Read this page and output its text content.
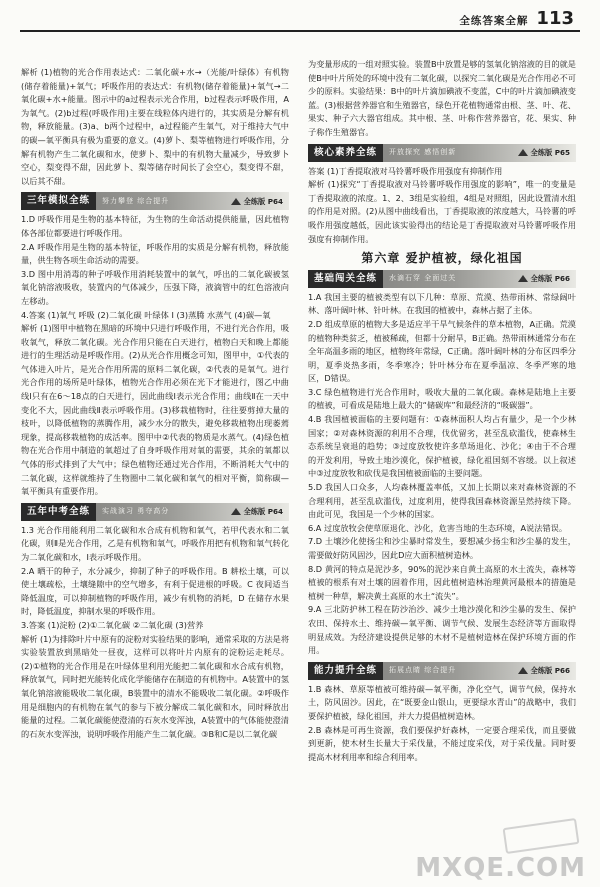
全练答案全解 113

解析 (1)植物的光合作用表达式：二氧化碳+水→（光能/叶绿体）有机物(储存着能量)+氧气；呼吸作用的表达式：有机物(储存着能量)+氧气→二氧化碳+水+能量。图示中的a过程表示光合作用，b过程表示呼吸作用，A为氧气。(2)b过程(呼吸作用)主要在线粒体内进行的，其实质是分解有机物，释放能量。(3)a、b两个过程中，a过程能产生氧气，对于维持大气中的碳—氧平衡具有极为重要的意义。(4)萝卜、梨等植物进行呼吸作用，分解有机物产生二氧化碳和水，使萝卜、梨中的有机物大量减少，导致萝卜空心，梨变得不甜，因此萝卜、梨等储存时间长了会空心，梨变得不甜，以后其不甜。

三年模拟全练	努力攀登 综合提升	全练版 P64

1.D 呼吸作用是生物的基本特征，为生物的生命活动提供能量，因此植物体各部位都要进行呼吸作用。

2.A 呼吸作用是生物的基本特征，呼吸作用的实质是分解有机物，释放能量，供生物各项生命活动的需要。

3.D 图中用消毒的种子呼吸作用消耗装置中的氧气，呼出的二氧化碳被氢氧化钠溶液吸收，装置内的气体减少，压强下降，液滴管中的红色溶液向左移动。

4.答案 (1)氧气 呼吸 (2)二氧化碳 叶绿体 Ⅰ (3)蒸腾 水蒸气 (4)碳—氧

解析 (1)图甲中植物在黑暗的环境中只进行呼吸作用，不进行光合作用，吸收氧气，释放二氧化碳。光合作用只能在白天进行，植物白天和晚上都能进行的生理活动是呼吸作用。(2)从光合作用概念可知，图甲中，①代表的气体进入叶片，是光合作用所需的原料二氧化碳，②代表的是氧气。进行光合作用的场所是叶绿体，植物光合作用必须在光下才能进行，图乙中曲线Ⅰ只有在6～18点的白天进行，因此曲线Ⅰ表示光合作用；曲线Ⅱ在一天中变化不大，因此曲线Ⅱ表示呼吸作用。(3)移栽植物时，往往要剪掉大量的枝叶，以降低植物的蒸腾作用，减少水分的散失，避免移栽植物出现萎蔫现象，提高移栽植物的成活率。图甲中②代表的物质是水蒸气。(4)绿色植物在光合作用中制造的氧超过了自身呼吸作用对氧的需要，其余的氧都以气体的形式排到了大气中；绿色植物还通过光合作用，不断消耗大气中的二氧化碳，这样就维持了生物圈中二氧化碳和氧气的相对平衡，简称碳—氧平衡具有重要作用。

五年中考全练	实战演习 勇夺高分	全练版 P64

1.3 光合作用能利用二氧化碳和水合成有机物和氧气，若甲代表水和二氧化碳，则Ⅱ是光合作用，乙是有机物和氧气，呼吸作用把有机物和氧气转化为二氧化碳和水，Ⅰ表示呼吸作用。

2.A 晒干的种子，水分减少，抑制了种子的呼吸作用。B 耕松土壤，可以使土壤疏松，土壤缝隙中的空气增多，有利于促进根的呼吸。C 夜间适当降低温度，可以抑制植物的呼吸作用，减少有机物的消耗，D 在储存水果时，降低温度，抑制水果的呼吸作用。

3.答案 (1)淀粉 (2)①二氧化碳 ②二氧化碳 (3)营养

解析 (1)为排除叶片中原有的淀粉对实验结果的影响，通常采取的方法是将实验装置放到黑暗处一昼夜，这样可以将叶片内原有的淀粉运走耗尽。(2)①植物的光合作用是在叶绿体里利用光能把二氧化碳和水合成有机物，释放氧气，同时把光能转化成化学能储存在制造的有机物中。A装置中的氢氧化钠溶液能吸收二氧化碳，B装置中的清水不能吸收二氧化碳。②呼吸作用是细胞内的有机物在氧气的参与下被分解成二氧化碳和水，同时释放出能量的过程。二氧化碳能使澄清的石灰水变浑浊，A装置中的气体能使澄清的石灰水变浑浊，说明呼吸作用能产生二氧化碳。③B和C是以二氧化碳

为变量形成的一组对照实验。装置B中放置是够的氢氧化钠溶液的目的就是使B中叶片所处的环境中没有二氧化碳，以探究二氧化碳是光合作用必不可少的原料。实验结果：B中的叶片滴加碘液不变蓝，C中的叶片滴加碘液变蓝。(3)根据营养器官和生殖器官，绿色开花植物通常由根、茎、叶、花、果实、种子六大器官组成。其中根、茎、叶称作营养器官，花、果实、种子称作生殖器官。

核心素养全练	开放探究 感悟创新	全练版 P65

答案 (1)丁香提取液对马铃薯呼吸作用强度有抑制作用

解析 (1)探究“丁香提取液对马铃薯呼吸作用强度的影响”，唯一的变量是丁香提取液的浓度。1、2、3组是实验组，4组是对照组，因此设置清水组的作用是对照。(2)从图中曲线看出，丁香提取液的浓度越大，马铃薯的呼吸作用强度越低，因此该实验得出的结论是丁香提取液对马铃薯呼吸作用强度有抑制作用。

第六章 爱护植被，绿化祖国
基础闯关全练	水滴石穿 全面过关	全练版 P66

1.A 我国主要的植被类型有以下几种：草原、荒漠、热带雨林、常绿阔叶林、落叶阔叶林、针叶林。在我国的植被中，森林占据了主体。

2.D 组成草原的植物大多是适应半干旱气候条件的草本植物，A正确。荒漠的植物种类贫乏，植被稀疏，但都十分耐旱，B正确。热带雨林通常分布在全年高温多雨的地区，植物终年常绿，C正确。落叶阔叶林的分布区四季分明，夏季炎热多雨，冬季寒冷；针叶林分布在夏季温凉、冬季严寒的地区，D错误。

3.C 绿色植物进行光合作用时，吸收大量的二氧化碳。森林是陆地上主要的植被，可看成是陆地上最大的“储碳库”和最经济的“吸碳器”。

4.B 我国植被面临的主要问题有：①森林面积人均占有量少，是一个少林国家；②对森林资源的利用不合理，伐优留劣，甚至乱砍滥伐，使森林生态系统呈衰退的趋势；③过度放牧使许多草场退化、沙化；④由于不合理的开发利用，导致土地沙漠化，保护植被，绿化祖国刻不容缓。以上叙述中③过度放牧和砍伐是我国植被面临的主要问题。

5.D 我国人口众多，人均森林覆盖率低，又加上长期以来对森林资源的不合理利用，甚至乱砍滥伐，过度利用，使得我国森林资源呈然持续下降。由此可见，我国是一个少林的国家。

6.A 过度放牧会使草原退化、沙化，危害当地的生态环境，A说法错误。

7.D 土壤沙化使扬尘和沙尘暴时常发生，要想减少扬尘和沙尘暴的发生，需要做好防风固沙，因此D应大面积植树造林。

8.D 黄河的特点是泥沙多，90%的泥沙来自黄土高原的水土流失，森林等植被的根系有对土壤的固着作用，因此植树造林治理黄河最根本的措施是植树一种草，解决黄土高原的水土“流失”。

9.A 三北防护林工程在防沙治沙、减少土地沙漠化和沙尘暴的发生、保护农田、保持水土、维持碳—氧平衡、调节气候、发展生态经济等方面取得明显成效。为经济建设提供足够的木材不是植树造林在保护环境方面的作用。

能力提升全练	拓展点睛 综合提升	全练版 P66

1.B 森林、草原等植被可维持碳—氧平衡，净化空气，调节气候，保持水土，防风固沙。因此，在“既要金山银山，更要绿水青山”的战略中，我们要保护植被，绿化祖国，并大力提倡植树造林。

2.B 森林是可再生资源，我们要保护好森林，一定要合理采伐，而且要做到更新，使木材生长量大于采伐量，不能过度采伐，对于采伐量。同时要提高木材利用率和综合利用率。

MXQE.COM
